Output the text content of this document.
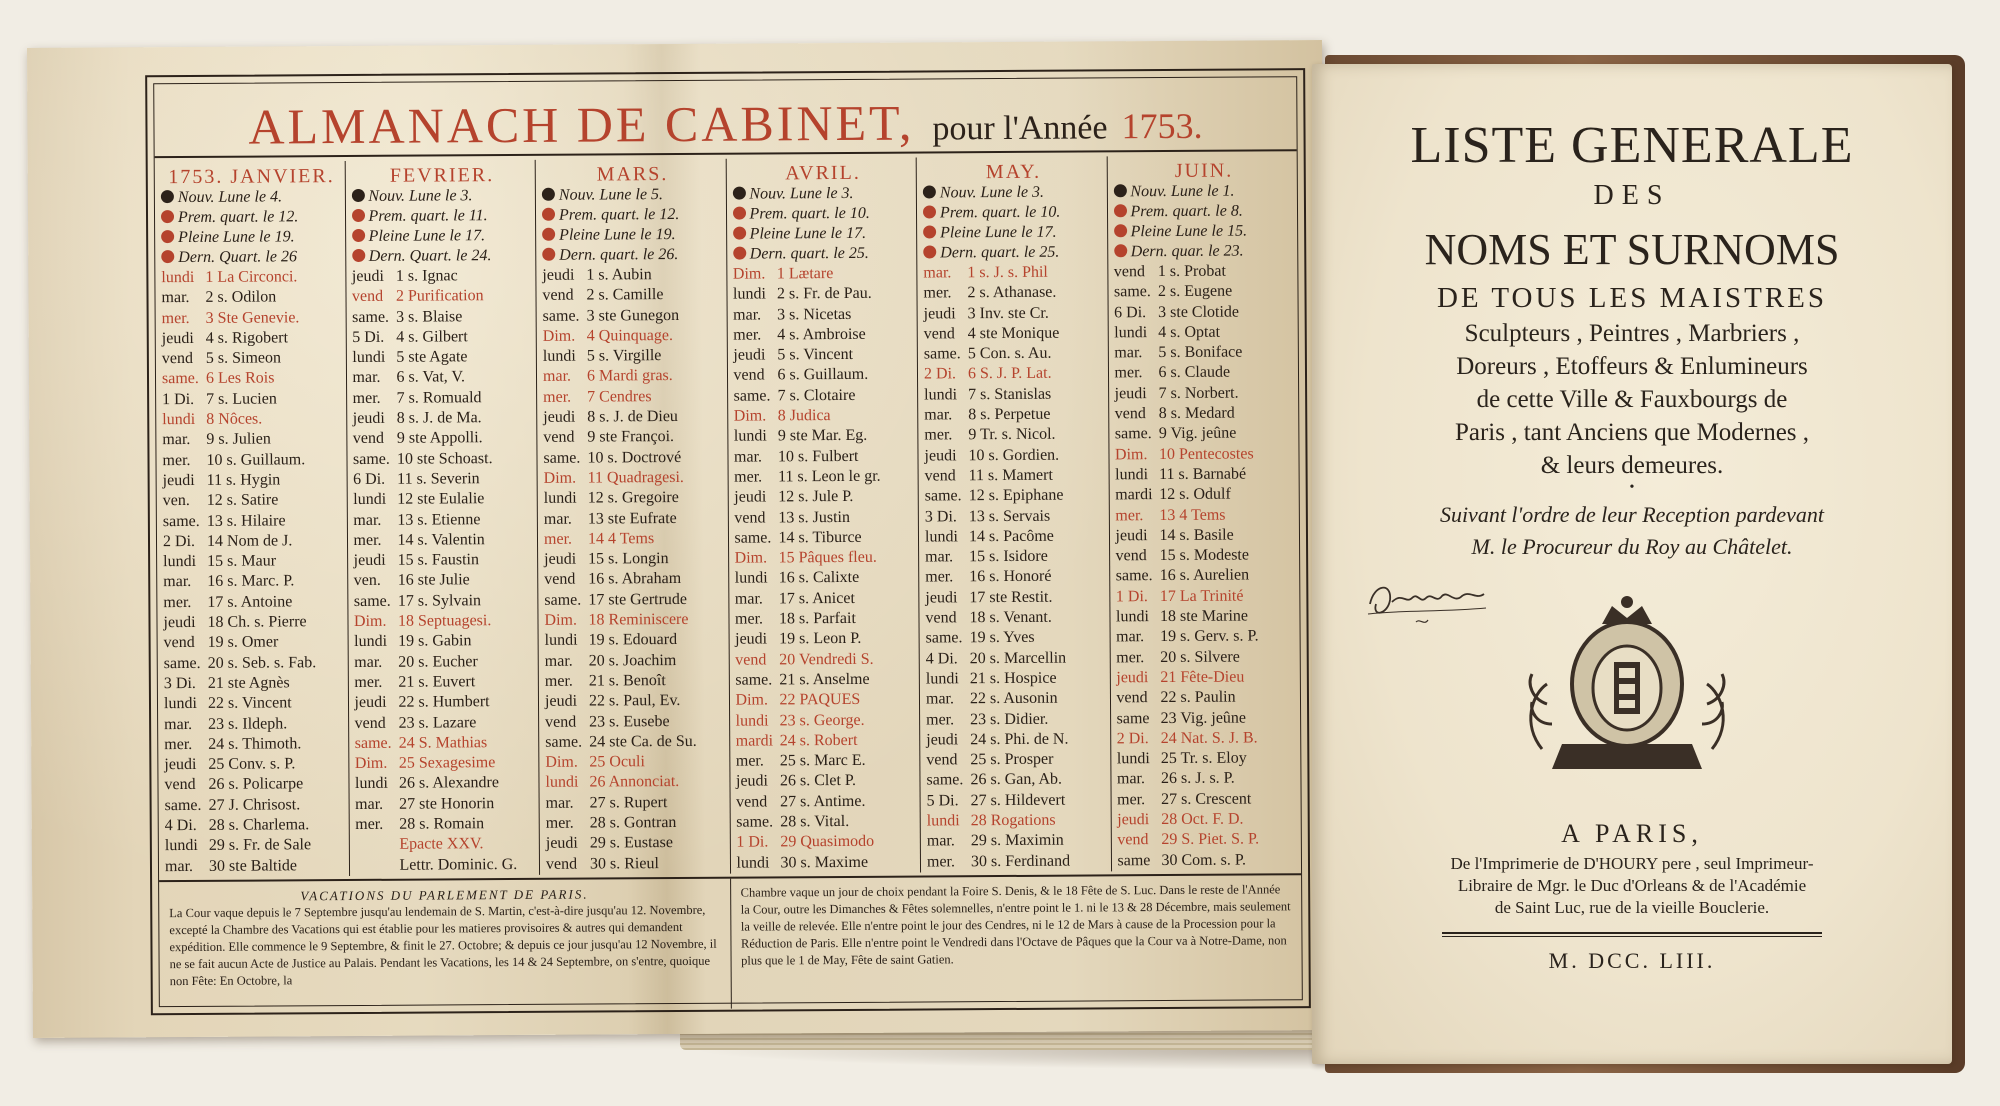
ALMANACH DE CABINET, pour l'Année 1753.
1753. JANVIER.
Nouv. Lune le 4.
Prem. quart. le 12.
Pleine Lune le 19.
Dern. Quart. le 26
lundi 1 La Circonci.
mar. 2 s. Odilon
mer. 3 Ste Genevie.
jeudi 4 s. Rigobert
vend 5 s. Simeon
same. 6 Les Rois
1 Di. 7 s. Lucien
lundi 8 Nôces.
mar. 9 s. Julien
mer. 10 s. Guillaum.
jeudi 11 s. Hygin
ven. 12 s. Satire
same. 13 s. Hilaire
2 Di. 14 Nom de J.
lundi 15 s. Maur
mar. 16 s. Marc. P.
mer. 17 s. Antoine
jeudi 18 Ch. s. Pierre
vend 19 s. Omer
same. 20 s. Seb. s. Fab.
3 Di. 21 ste Agnès
lundi 22 s. Vincent
mar. 23 s. Ildeph.
mer. 24 s. Thimoth.
jeudi 25 Conv. s. P.
vend 26 s. Policarpe
same. 27 J. Chrisost.
4 Di. 28 s. Charlema.
lundi 29 s. Fr. de Sale
mar. 30 ste Baltide
FEVRIER.
Nouv. Lune le 3.
Prem. quart. le 11.
Pleine Lune le 17.
Dern. Quart. le 24.
jeudi 1 s. Ignac
vend 2 Purification
same. 3 s. Blaise
5 Di. 4 s. Gilbert
lundi 5 ste Agate
mar. 6 s. Vat, V.
mer. 7 s. Romuald
jeudi 8 s. J. de Ma.
vend 9 ste Appolli.
same. 10 ste Schoast.
6 Di. 11 s. Severin
lundi 12 ste Eulalie
mar. 13 s. Etienne
mer. 14 s. Valentin
jeudi 15 s. Faustin
ven. 16 ste Julie
same. 17 s. Sylvain
Dim. 18 Septuagesi.
lundi 19 s. Gabin
mar. 20 s. Eucher
mer. 21 s. Euvert
jeudi 22 s. Humbert
vend 23 s. Lazare
same. 24 S. Mathias
Dim. 25 Sexagesime
lundi 26 s. Alexandre
mar. 27 ste Honorin
mer. 28 s. Romain
Epacte XXV.
Lettr. Dominic. G.
MARS.
Nouv. Lune le 5.
Prem. quart. le 12.
Pleine Lune le 19.
Dern. quart. le 26.
jeudi 1 s. Aubin
vend 2 s. Camille
same. 3 ste Gunegon
Dim. 4 Quinquage.
lundi 5 s. Virgille
mar. 6 Mardi gras.
mer. 7 Cendres
jeudi 8 s. J. de Dieu
vend 9 ste Françoi.
same. 10 s. Doctrové
Dim. 11 Quadragesi.
lundi 12 s. Gregoire
mar. 13 ste Eufrate
mer. 14 4 Tems
jeudi 15 s. Longin
vend 16 s. Abraham
same. 17 ste Gertrude
Dim. 18 Reminiscere
lundi 19 s. Edouard
mar. 20 s. Joachim
mer. 21 s. Benoît
jeudi 22 s. Paul, Ev.
vend 23 s. Eusebe
same. 24 ste Ca. de Su.
Dim. 25 Oculi
lundi 26 Annonciat.
mar. 27 s. Rupert
mer. 28 s. Gontran
jeudi 29 s. Eustase
vend 30 s. Rieul
AVRIL.
Nouv. Lune le 3.
Prem. quart. le 10.
Pleine Lune le 17.
Dern. quart. le 25.
Dim. 1 Lætare
lundi 2 s. Fr. de Pau.
mar. 3 s. Nicetas
mer. 4 s. Ambroise
jeudi 5 s. Vincent
vend 6 s. Guillaum.
same. 7 s. Clotaire
Dim. 8 Judica
lundi 9 ste Mar. Eg.
mar. 10 s. Fulbert
mer. 11 s. Leon le gr.
jeudi 12 s. Jule P.
vend 13 s. Justin
same. 14 s. Tiburce
Dim. 15 Pâques fleu.
lundi 16 s. Calixte
mar. 17 s. Anicet
mer. 18 s. Parfait
jeudi 19 s. Leon P.
vend 20 Vendredi S.
same. 21 s. Anselme
Dim. 22 PAQUES
lundi 23 s. George.
mardi 24 s. Robert
mer. 25 s. Marc E.
jeudi 26 s. Clet P.
vend 27 s. Antime.
same. 28 s. Vital.
1 Di. 29 Quasimodo
lundi 30 s. Maxime
MAY.
Nouv. Lune le 3.
Prem. quart. le 10.
Pleine Lune le 17.
Dern. quart. le 25.
mar. 1 s. J. s. Phil
mer. 2 s. Athanase.
jeudi 3 Inv. ste Cr.
vend 4 ste Monique
same. 5 Con. s. Au.
2 Di. 6 S. J. P. Lat.
lundi 7 s. Stanislas
mar. 8 s. Perpetue
mer. 9 Tr. s. Nicol.
jeudi 10 s. Gordien.
vend 11 s. Mamert
same. 12 s. Epiphane
3 Di. 13 s. Servais
lundi 14 s. Pacôme
mar. 15 s. Isidore
mer. 16 s. Honoré
jeudi 17 ste Restit.
vend 18 s. Venant.
same. 19 s. Yves
4 Di. 20 s. Marcellin
lundi 21 s. Hospice
mar. 22 s. Ausonin
mer. 23 s. Didier.
jeudi 24 s. Phi. de N.
vend 25 s. Prosper
same. 26 s. Gan, Ab.
5 Di. 27 s. Hildevert
lundi 28 Rogations
mar. 29 s. Maximin
mer. 30 s. Ferdinand
JUIN.
Nouv. Lune le 1.
Prem. quart. le 8.
Pleine Lune le 15.
Dern. quar. le 23.
vend 1 s. Probat
same. 2 s. Eugene
6 Di. 3 ste Clotide
lundi 4 s. Optat
mar. 5 s. Boniface
mer. 6 s. Claude
jeudi 7 s. Norbert.
vend 8 s. Medard
same. 9 Vig. jeûne
Dim. 10 Pentecostes
lundi 11 s. Barnabé
mardi 12 s. Odulf
mer. 13 4 Tems
jeudi 14 s. Basile
vend 15 s. Modeste
same. 16 s. Aurelien
1 Di. 17 La Trinité
lundi 18 ste Marine
mar. 19 s. Gerv. s. P.
mer. 20 s. Silvere
jeudi 21 Fête-Dieu
vend 22 s. Paulin
same 23 Vig. jeûne
2 Di. 24 Nat. S. J. B.
lundi 25 Tr. s. Eloy
mar. 26 s. J. s. P.
mer. 27 s. Crescent
jeudi 28 Oct. F. D.
vend 29 S. Piet. S. P.
same 30 Com. s. P.
VACATIONS DU PARLEMENT DE PARIS.
La Cour vaque depuis le 7 Septembre jusqu'au lendemain de S. Martin, c'est-à-dire jusqu'au 12. Novembre, excepté la Chambre des Vacations qui est établie pour les matieres provisoires & autres qui demandent expédition. Elle commence le 9 Septembre, & finit le 27. Octobre; & depuis ce jour jusqu'au 12 Novembre, il ne se fait aucun Acte de Justice au Palais. Pendant les Vacations, les 14 & 24 Septembre, on s'entre, quoique non Fête: En Octobre, la
Chambre vaque un jour de choix pendant la Foire S. Denis, & le 18 Fête de S. Luc. Dans le reste de l'Année la Cour, outre les Dimanches & Fêtes solemnelles, n'entre point le 1. ni le 13 & 28 Décembre, mais seulement la veille de relevée. Elle n'entre point le jour des Cendres, ni le 12 de Mars à cause de la Procession pour la Réduction de Paris. Elle n'entre point le Vendredi dans l'Octave de Pâques que la Cour va à Notre-Dame, non plus que le 1 de May, Fête de saint Gatien.
LISTE GENERALE
DES
NOMS ET SURNOMS
DE TOUS LES MAISTRES
Sculpteurs , Peintres , Marbriers ,
Doreurs , Etoffeurs & Enlumineurs
de cette Ville & Fauxbourgs de
Paris , tant Anciens que Modernes ,
& leurs demeures.
•
Suivant l'ordre de leur Reception pardevant
M. le Procureur du Roy au Châtelet.
A PARIS,
De l'Imprimerie de D'HOURY pere , seul Imprimeur-
Libraire de Mgr. le Duc d'Orleans & de l'Académie
de Saint Luc, rue de la vieille Bouclerie.
M. DCC. LIII.
